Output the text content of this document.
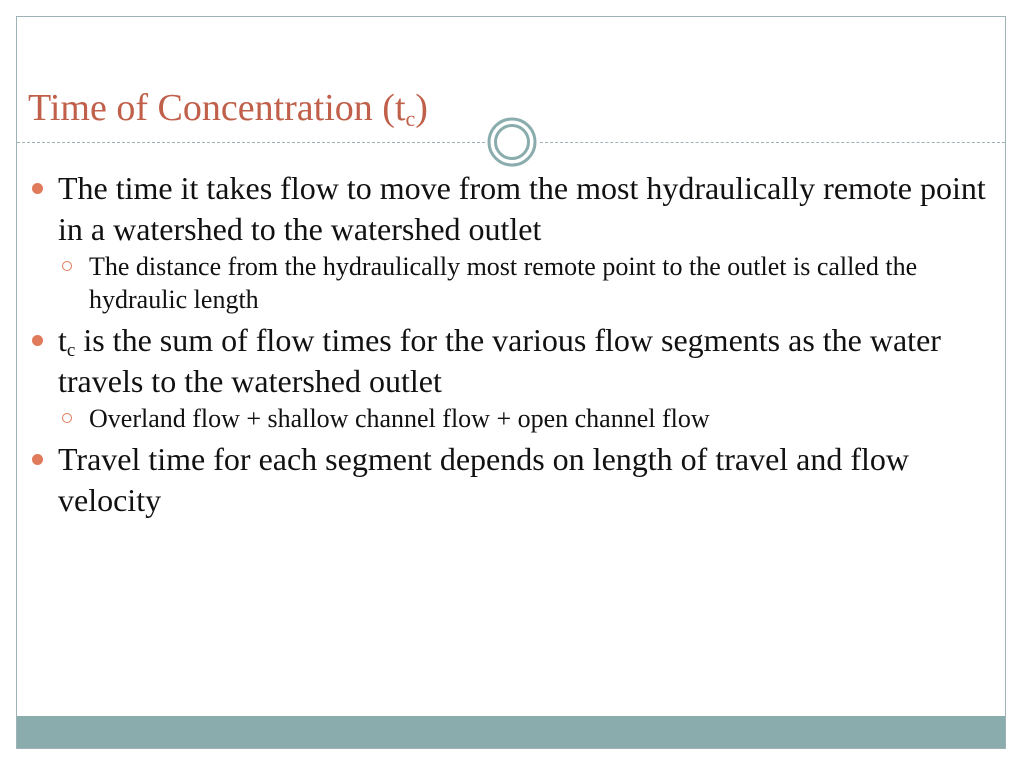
Time of Concentration $(t_c)$
The time it takes flow to move from the most hydraulically remote point in a watershed to the watershed outlet
The distance from the hydraulically most remote point to the outlet is called the hydraulic length
$t_c$ is the sum of flow times for the various flow segments as the water travels to the watershed outlet
Overland flow + shallow channel flow + open channel flow
Travel time for each segment depends on length of travel and flow velocity
